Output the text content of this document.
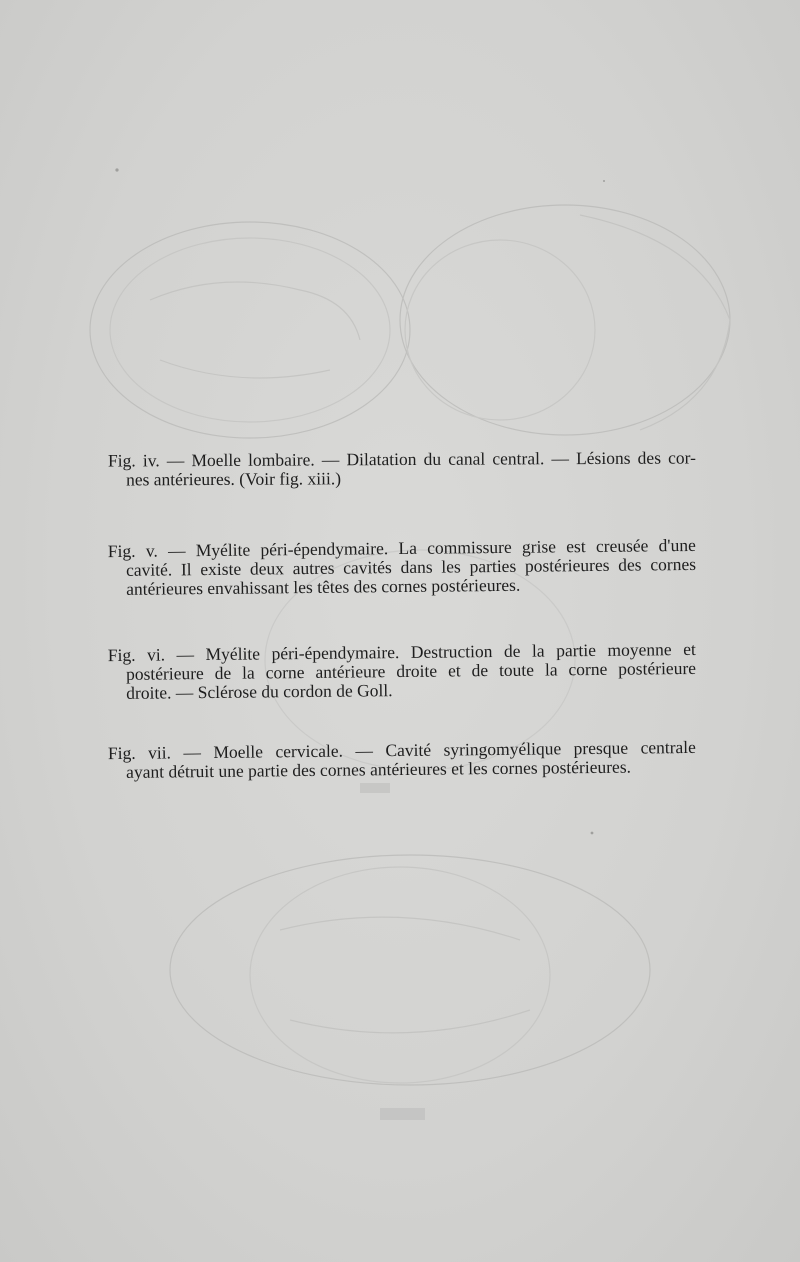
Fig. iv. — Moelle lombaire. — Dilatation du canal central. — Lésions des cor-
nes antérieures. (Voir fig. xiii.)

Fig. v. — Myélite péri-épendymaire. La commissure grise est creusée d'une
cavité. Il existe deux autres cavités dans les parties postérieures des cornes
antérieures envahissant les têtes des cornes postérieures.

Fig. vi. — Myélite péri-épendymaire. Destruction de la partie moyenne et
postérieure de la corne antérieure droite et de toute la corne postérieure
droite. — Sclérose du cordon de Goll.

Fig. vii. — Moelle cervicale. — Cavité syringomyélique presque centrale
ayant détruit une partie des cornes antérieures et les cornes postérieures.
